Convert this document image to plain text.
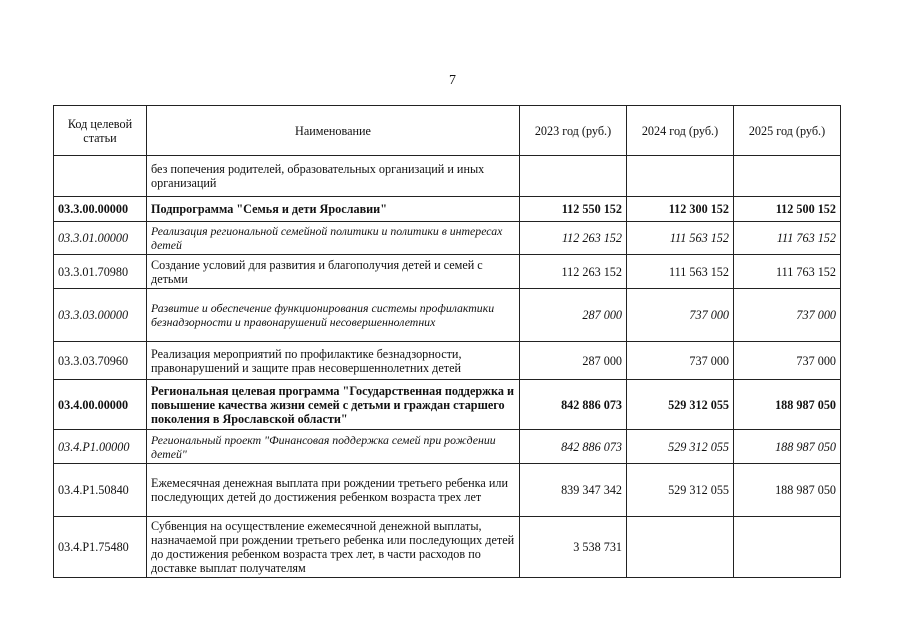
7
Код целевой статьи	Наименование	2023 год (руб.)	2024 год (руб.)	2025 год (руб.)
	без попечения родителей, образовательных организаций и иных организаций			
03.3.00.00000	Подпрограмма "Семья и дети Ярославии"	112 550 152	112 300 152	112 500 152
03.3.01.00000	Реализация региональной семейной политики и политики в интересах детей	112 263 152	111 563 152	111 763 152
03.3.01.70980	Создание условий для развития и благополучия детей и семей с детьми	112 263 152	111 563 152	111 763 152
03.3.03.00000	Развитие и обеспечение функционирования системы профилактики безнадзорности и правонарушений несовершеннолетних	287 000	737 000	737 000
03.3.03.70960	Реализация мероприятий по профилактике безнадзорности, правонарушений и защите прав несовершеннолетних детей	287 000	737 000	737 000
03.4.00.00000	Региональная целевая программа "Государственная поддержка и повышение качества жизни семей с детьми и граждан старшего поколения в Ярославской области"	842 886 073	529 312 055	188 987 050
03.4.P1.00000	Региональный проект "Финансовая поддержка семей при рождении детей"	842 886 073	529 312 055	188 987 050
03.4.P1.50840	Ежемесячная денежная выплата при рождении третьего ребенка или последующих детей до достижения ребенком возраста трех лет	839 347 342	529 312 055	188 987 050
03.4.P1.75480	Субвенция на осуществление ежемесячной денежной выплаты, назначаемой при рождении третьего ребенка или последующих детей до достижения ребенком возраста трех лет, в части расходов по доставке выплат получателям	3 538 731		
